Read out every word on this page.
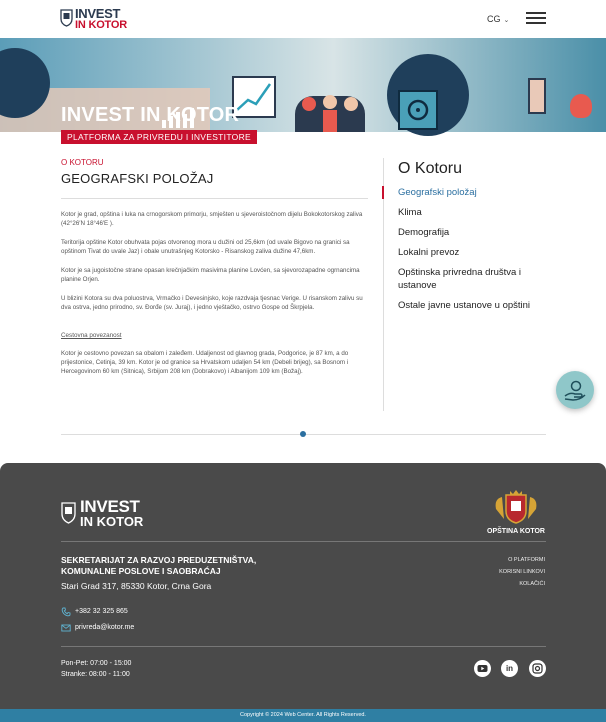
INVEST
IN KOTOR	CG ⌄
INVEST IN KOTOR
PLATFORMA ZA PRIVREDU I INVESTITORE
O KOTORU
GEOGRAFSKI POLOŽAJ

Kotor je grad, opština i luka na crnogorskom primorju, smješten u sjeveroistočnom dijelu Bokokotorskog zaliva (42°26′N 18°46′E ).

Teritorija opštine Kotor obuhvata pojas otvorenog mora u dužini od 25,6km (od uvale Bigovo na granici sa opštinom Tivat do uvale Jaz) i obale unutrašnjeg Kotorsko - Risanskog zaliva dužine 47,6km.

Kotor je sa jugoistočne strane opasan krečnjačkim masivima planine Lovćen, sa sjevorozapadne ogrnancima planine Orjen.

U blizini Kotora su dva poluostrva, Vrmačko i Devesinjsko, koje razdvaja tjesnac Verige. U risanskom zalivu su dva ostrva, jedno prirodno, sv. Đorđe (sv. Juraj), i jedno vještačko, ostrvo Gospe od Škrpjela.

Cestovna povezanost

Kotor je cestovno povezan sa obalom i zaleđem. Udaljenost od glavnog grada, Podgorice, je 87 km, a do prijestonice, Cetinja, 39 km. Kotor je od granice sa Hrvatskom udaljen 54 km (Debeli brijeg), sa Bosnom i Hercegovinom 60 km (Sitnica), Srbijom 208 km (Dobrakovo) i Albanijom 109 km (Božaj).

O Kotoru
Geografski položaj
Klima
Demografija
Lokalni prevoz
Opštinska privredna društva i ustanove
Ostale javne ustanove u opštini
INVEST
IN KOTOR
OPŠTINA KOTOR
SEKRETARIJAT ZA RAZVOJ PREDUZETNIŠTVA, KOMUNALNE POSLOVE I SAOBRAĆAJ
Stari Grad 317, 85330 Kotor, Crna Gora
O PLATFORMI
KORISNI LINKOVI
KOLAČIĆI
+382 32 325 865
privreda@kotor.me
Pon-Pet: 07:00 - 15:00
Stranke: 08:00 - 11:00
in
Copyright © 2024 Web Center. All Rights Reserved.
